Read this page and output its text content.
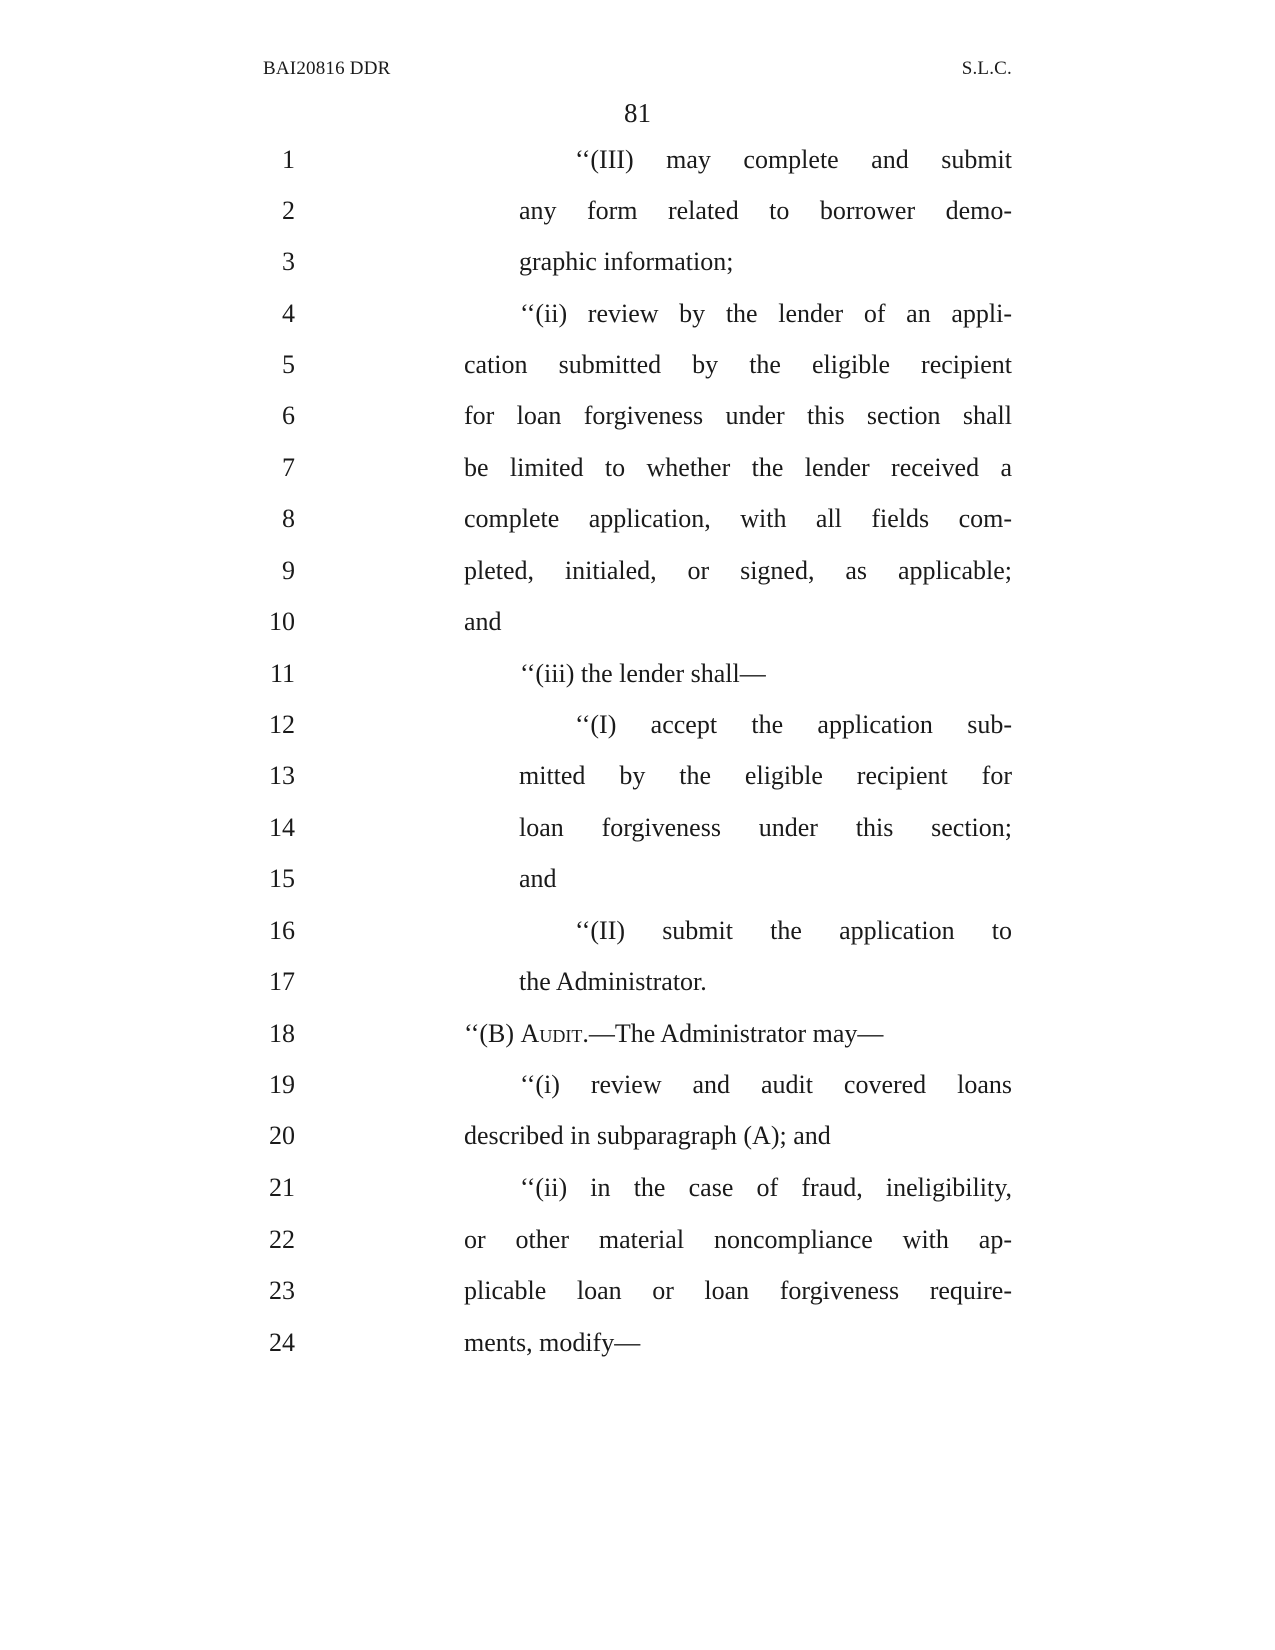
BAI20816 DDR	S.L.C.
81
1	‘‘(III) may complete and submit
2	any form related to borrower demo-
3	graphic information;
4	‘‘(ii) review by the lender of an appli-
5	cation submitted by the eligible recipient
6	for loan forgiveness under this section shall
7	be limited to whether the lender received a
8	complete application, with all fields com-
9	pleted, initialed, or signed, as applicable;
10	and
11	‘‘(iii) the lender shall—
12	‘‘(I) accept the application sub-
13	mitted by the eligible recipient for
14	loan forgiveness under this section;
15	and
16	‘‘(II) submit the application to
17	the Administrator.
18	‘‘(B) Audit.—The Administrator may—
19	‘‘(i) review and audit covered loans
20	described in subparagraph (A); and
21	‘‘(ii) in the case of fraud, ineligibility,
22	or other material noncompliance with ap-
23	plicable loan or loan forgiveness require-
24	ments, modify—
